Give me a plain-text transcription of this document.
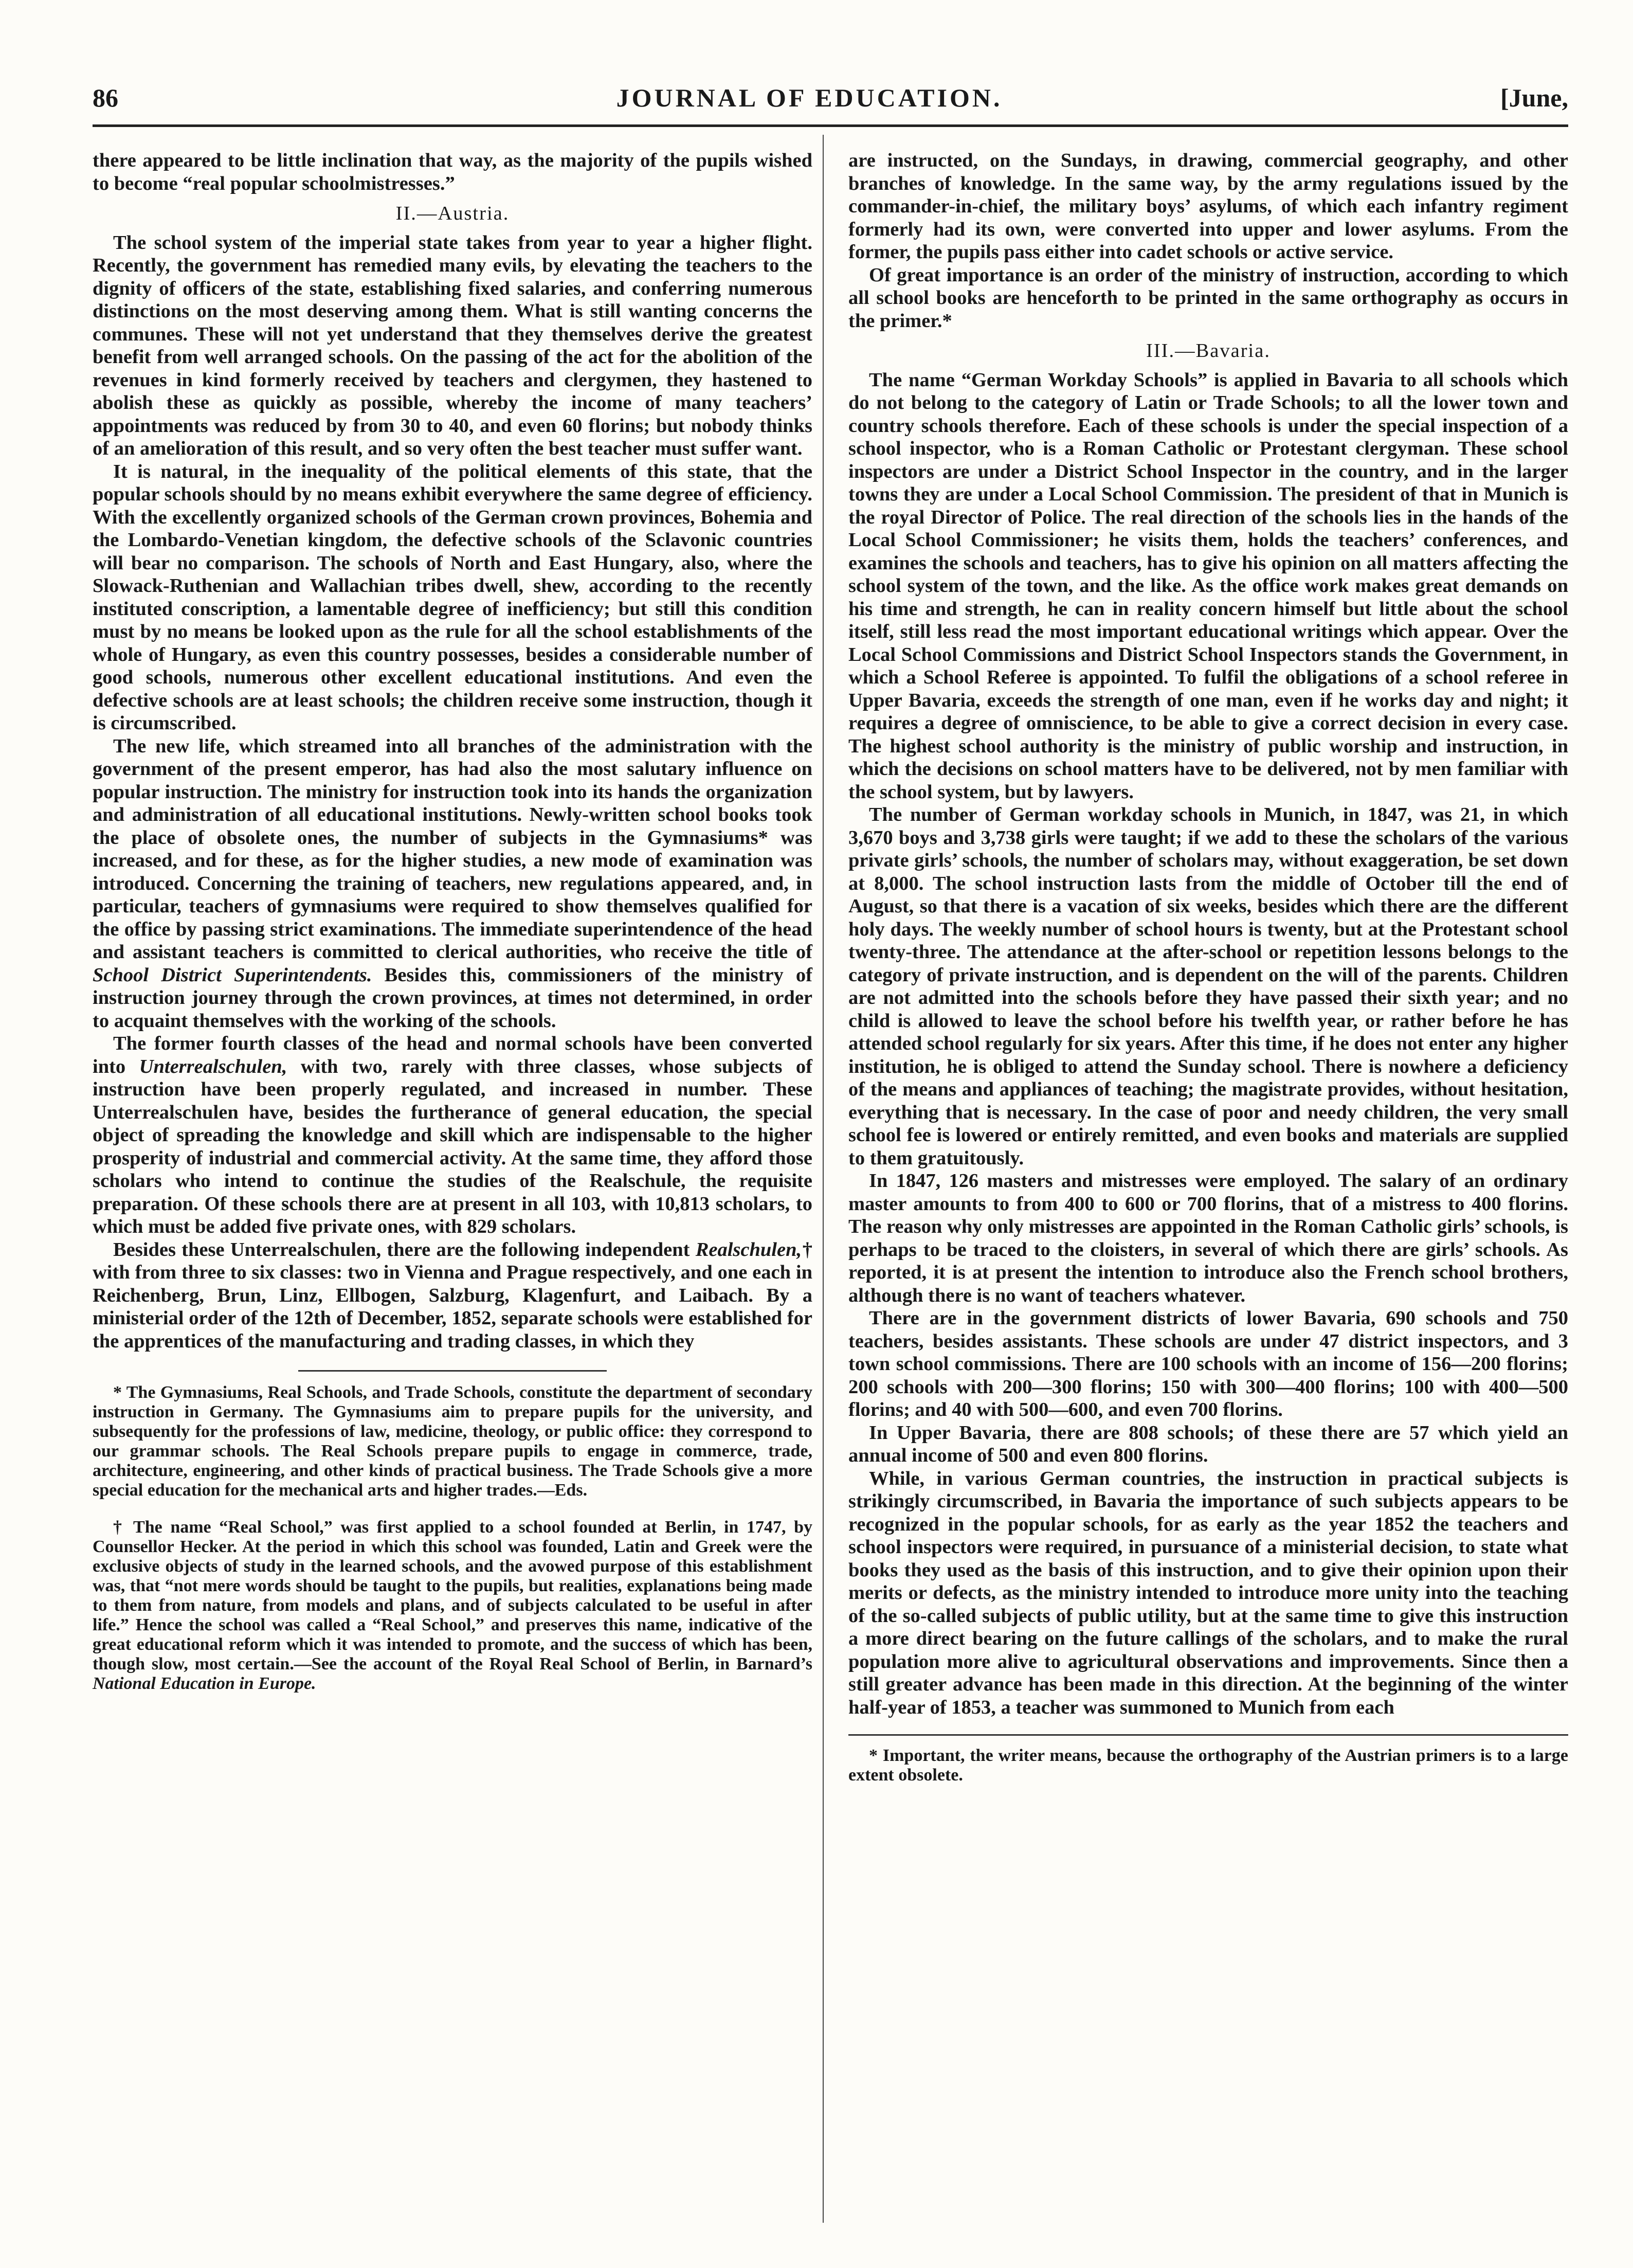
86	JOURNAL OF EDUCATION.	[June,

there appeared to be little inclination that way, as the majority of the pupils wished to become “real popular schoolmistresses.”

II.—Austria.

The school system of the imperial state takes from year to year a higher flight. Recently, the government has remedied many evils, by elevating the teachers to the dignity of officers of the state, establishing fixed salaries, and conferring numerous distinctions on the most deserving among them. What is still wanting concerns the communes. These will not yet understand that they themselves derive the greatest benefit from well arranged schools. On the passing of the act for the abolition of the revenues in kind formerly received by teachers and clergymen, they hastened to abolish these as quickly as possible, whereby the income of many teachers’ appointments was reduced by from 30 to 40, and even 60 florins; but nobody thinks of an amelioration of this result, and so very often the best teacher must suffer want.

It is natural, in the inequality of the political elements of this state, that the popular schools should by no means exhibit everywhere the same degree of efficiency. With the excellently organized schools of the German crown provinces, Bohemia and the Lombardo-Venetian kingdom, the defective schools of the Sclavonic countries will bear no comparison. The schools of North and East Hungary, also, where the Slowack-Ruthenian and Wallachian tribes dwell, shew, according to the recently instituted conscription, a lamentable degree of inefficiency; but still this condition must by no means be looked upon as the rule for all the school establishments of the whole of Hungary, as even this country possesses, besides a considerable number of good schools, numerous other excellent educational institutions. And even the defective schools are at least schools; the children receive some instruction, though it is circumscribed.

The new life, which streamed into all branches of the administration with the government of the present emperor, has had also the most salutary influence on popular instruction. The ministry for instruction took into its hands the organization and administration of all educational institutions. Newly-written school books took the place of obsolete ones, the number of subjects in the Gymnasiums* was increased, and for these, as for the higher studies, a new mode of examination was introduced. Concerning the training of teachers, new regulations appeared, and, in particular, teachers of gymnasiums were required to show themselves qualified for the office by passing strict examinations. The immediate superintendence of the head and assistant teachers is committed to clerical authorities, who receive the title of School District Superintendents. Besides this, commissioners of the ministry of instruction journey through the crown provinces, at times not determined, in order to acquaint themselves with the working of the schools.

The former fourth classes of the head and normal schools have been converted into Unterrealschulen, with two, rarely with three classes, whose subjects of instruction have been properly regulated, and increased in number. These Unterrealschulen have, besides the furtherance of general education, the special object of spreading the knowledge and skill which are indispensable to the higher prosperity of industrial and commercial activity. At the same time, they afford those scholars who intend to continue the studies of the Realschule, the requisite preparation. Of these schools there are at present in all 103, with 10,813 scholars, to which must be added five private ones, with 829 scholars.

Besides these Unterrealschulen, there are the following independent Realschulen,† with from three to six classes: two in Vienna and Prague respectively, and one each in Reichenberg, Brun, Linz, Ellbogen, Salzburg, Klagenfurt, and Laibach. By a ministerial order of the 12th of December, 1852, separate schools were established for the apprentices of the manufacturing and trading classes, in which they

* The Gymnasiums, Real Schools, and Trade Schools, constitute the department of secondary instruction in Germany. The Gymnasiums aim to prepare pupils for the university, and subsequently for the professions of law, medicine, theology, or public office: they correspond to our grammar schools. The Real Schools prepare pupils to engage in commerce, trade, architecture, engineering, and other kinds of practical business. The Trade Schools give a more special education for the mechanical arts and higher trades.—Eds.

† The name “Real School,” was first applied to a school founded at Berlin, in 1747, by Counsellor Hecker. At the period in which this school was founded, Latin and Greek were the exclusive objects of study in the learned schools, and the avowed purpose of this establishment was, that “not mere words should be taught to the pupils, but realities, explanations being made to them from nature, from models and plans, and of subjects calculated to be useful in after life.” Hence the school was called a “Real School,” and preserves this name, indicative of the great educational reform which it was intended to promote, and the success of which has been, though slow, most certain.—See the account of the Royal Real School of Berlin, in Barnard’s National Education in Europe.

are instructed, on the Sundays, in drawing, commercial geography, and other branches of knowledge. In the same way, by the army regulations issued by the commander-in-chief, the military boys’ asylums, of which each infantry regiment formerly had its own, were converted into upper and lower asylums. From the former, the pupils pass either into cadet schools or active service.

Of great importance is an order of the ministry of instruction, according to which all school books are henceforth to be printed in the same orthography as occurs in the primer.*

III.—Bavaria.

The name “German Workday Schools” is applied in Bavaria to all schools which do not belong to the category of Latin or Trade Schools; to all the lower town and country schools therefore. Each of these schools is under the special inspection of a school inspector, who is a Roman Catholic or Protestant clergyman. These school inspectors are under a District School Inspector in the country, and in the larger towns they are under a Local School Commission. The president of that in Munich is the royal Director of Police. The real direction of the schools lies in the hands of the Local School Commissioner; he visits them, holds the teachers’ conferences, and examines the schools and teachers, has to give his opinion on all matters affecting the school system of the town, and the like. As the office work makes great demands on his time and strength, he can in reality concern himself but little about the school itself, still less read the most important educational writings which appear. Over the Local School Commissions and District School Inspectors stands the Government, in which a School Referee is appointed. To fulfil the obligations of a school referee in Upper Bavaria, exceeds the strength of one man, even if he works day and night; it requires a degree of omniscience, to be able to give a correct decision in every case. The highest school authority is the ministry of public worship and instruction, in which the decisions on school matters have to be delivered, not by men familiar with the school system, but by lawyers.

The number of German workday schools in Munich, in 1847, was 21, in which 3,670 boys and 3,738 girls were taught; if we add to these the scholars of the various private girls’ schools, the number of scholars may, without exaggeration, be set down at 8,000. The school instruction lasts from the middle of October till the end of August, so that there is a vacation of six weeks, besides which there are the different holy days. The weekly number of school hours is twenty, but at the Protestant school twenty-three. The attendance at the after-school or repetition lessons belongs to the category of private instruction, and is dependent on the will of the parents. Children are not admitted into the schools before they have passed their sixth year; and no child is allowed to leave the school before his twelfth year, or rather before he has attended school regularly for six years. After this time, if he does not enter any higher institution, he is obliged to attend the Sunday school. There is nowhere a deficiency of the means and appliances of teaching; the magistrate provides, without hesitation, everything that is necessary. In the case of poor and needy children, the very small school fee is lowered or entirely remitted, and even books and materials are supplied to them gratuitously.

In 1847, 126 masters and mistresses were employed. The salary of an ordinary master amounts to from 400 to 600 or 700 florins, that of a mistress to 400 florins. The reason why only mistresses are appointed in the Roman Catholic girls’ schools, is perhaps to be traced to the cloisters, in several of which there are girls’ schools. As reported, it is at present the intention to introduce also the French school brothers, although there is no want of teachers whatever.

There are in the government districts of lower Bavaria, 690 schools and 750 teachers, besides assistants. These schools are under 47 district inspectors, and 3 town school commissions. There are 100 schools with an income of 156—200 florins; 200 schools with 200—300 florins; 150 with 300—400 florins; 100 with 400—500 florins; and 40 with 500—600, and even 700 florins.

In Upper Bavaria, there are 808 schools; of these there are 57 which yield an annual income of 500 and even 800 florins.

While, in various German countries, the instruction in practical subjects is strikingly circumscribed, in Bavaria the importance of such subjects appears to be recognized in the popular schools, for as early as the year 1852 the teachers and school inspectors were required, in pursuance of a ministerial decision, to state what books they used as the basis of this instruction, and to give their opinion upon their merits or defects, as the ministry intended to introduce more unity into the teaching of the so-called subjects of public utility, but at the same time to give this instruction a more direct bearing on the future callings of the scholars, and to make the rural population more alive to agricultural observations and improvements. Since then a still greater advance has been made in this direction. At the beginning of the winter half-year of 1853, a teacher was summoned to Munich from each

* Important, the writer means, because the orthography of the Austrian primers is to a large extent obsolete.
